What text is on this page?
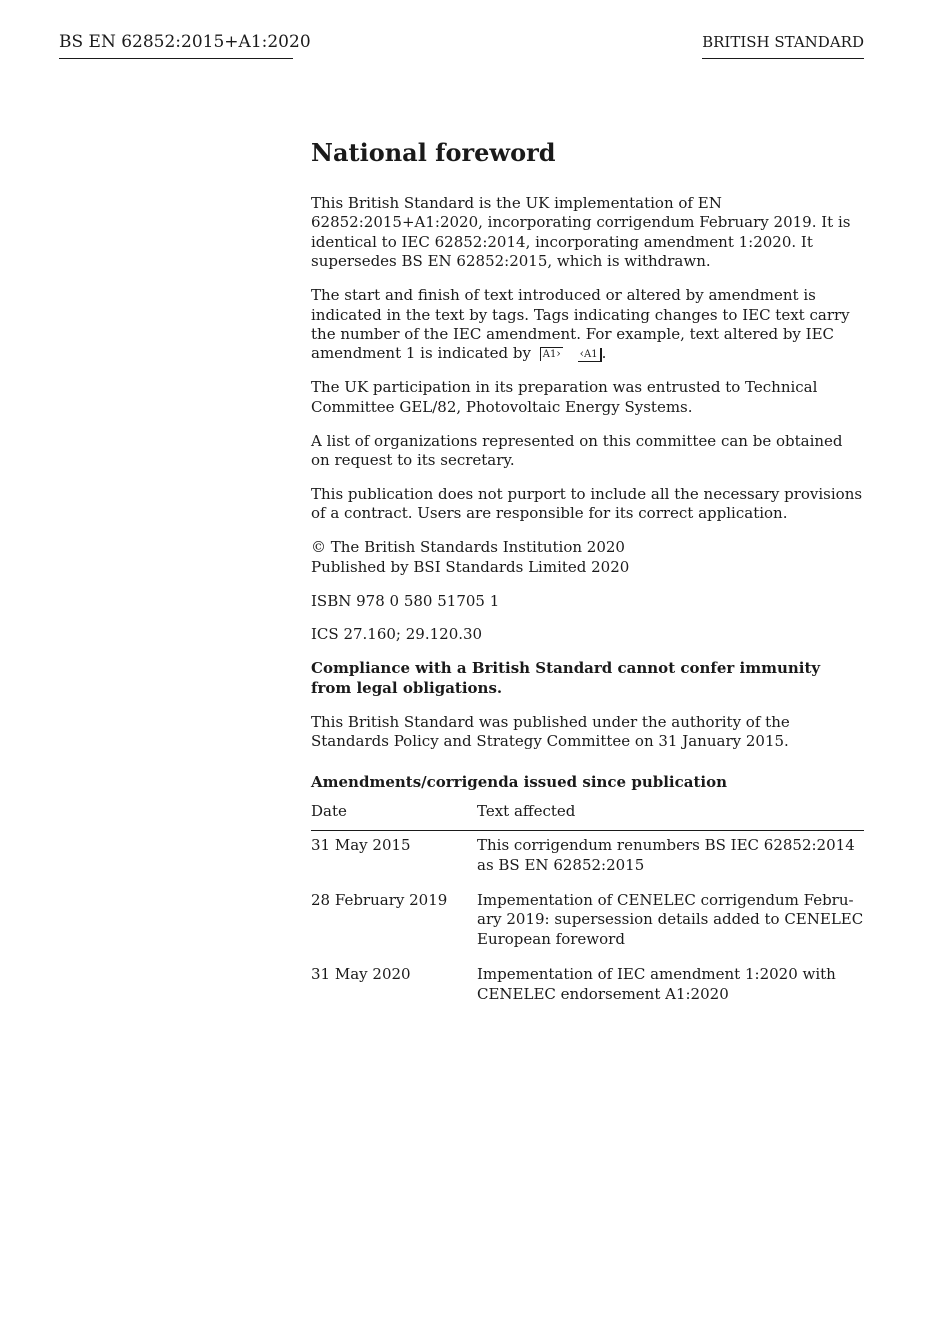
BS EN 62852:2015+A1:2020	BRITISH STANDARD
National foreword

This British Standard is the UK implementation of EN 62852:2015+A1:2020, incorporating corrigendum February 2019. It is identical to IEC 62852:2014, incorporating amendment 1:2020. It supersedes BS EN 62852:2015, which is withdrawn.

The start and finish of text introduced or altered by amendment is indicated in the text by tags. Tags indicating changes to IEC text carry the number of the IEC amendment. For example, text altered by IEC amendment 1 is indicated by A1› ‹A1 .

The UK participation in its preparation was entrusted to Technical Committee GEL/82, Photovoltaic Energy Systems.

A list of organizations represented on this committee can be obtained on request to its secretary.

This publication does not purport to include all the necessary provisions of a contract. Users are responsible for its correct application.

© The British Standards Institution 2020
Published by BSI Standards Limited 2020

ISBN 978 0 580 51705 1

ICS 27.160; 29.120.30

Compliance with a British Standard cannot confer immunity from legal obligations.

This British Standard was published under the authority of the Standards Policy and Strategy Committee on 31 January 2015.

Amendments/corrigenda issued since publication
Date	Text affected
31 May 2015	This corrigendum renumbers BS IEC 62852:2014 as BS EN 62852:2015
28 February 2019	Impementation of CENELEC corrigendum Febru-ary 2019: supersession details added to CENELEC European foreword
31 May 2020	Impementation of IEC amendment 1:2020 with CENELEC endorsement A1:2020
